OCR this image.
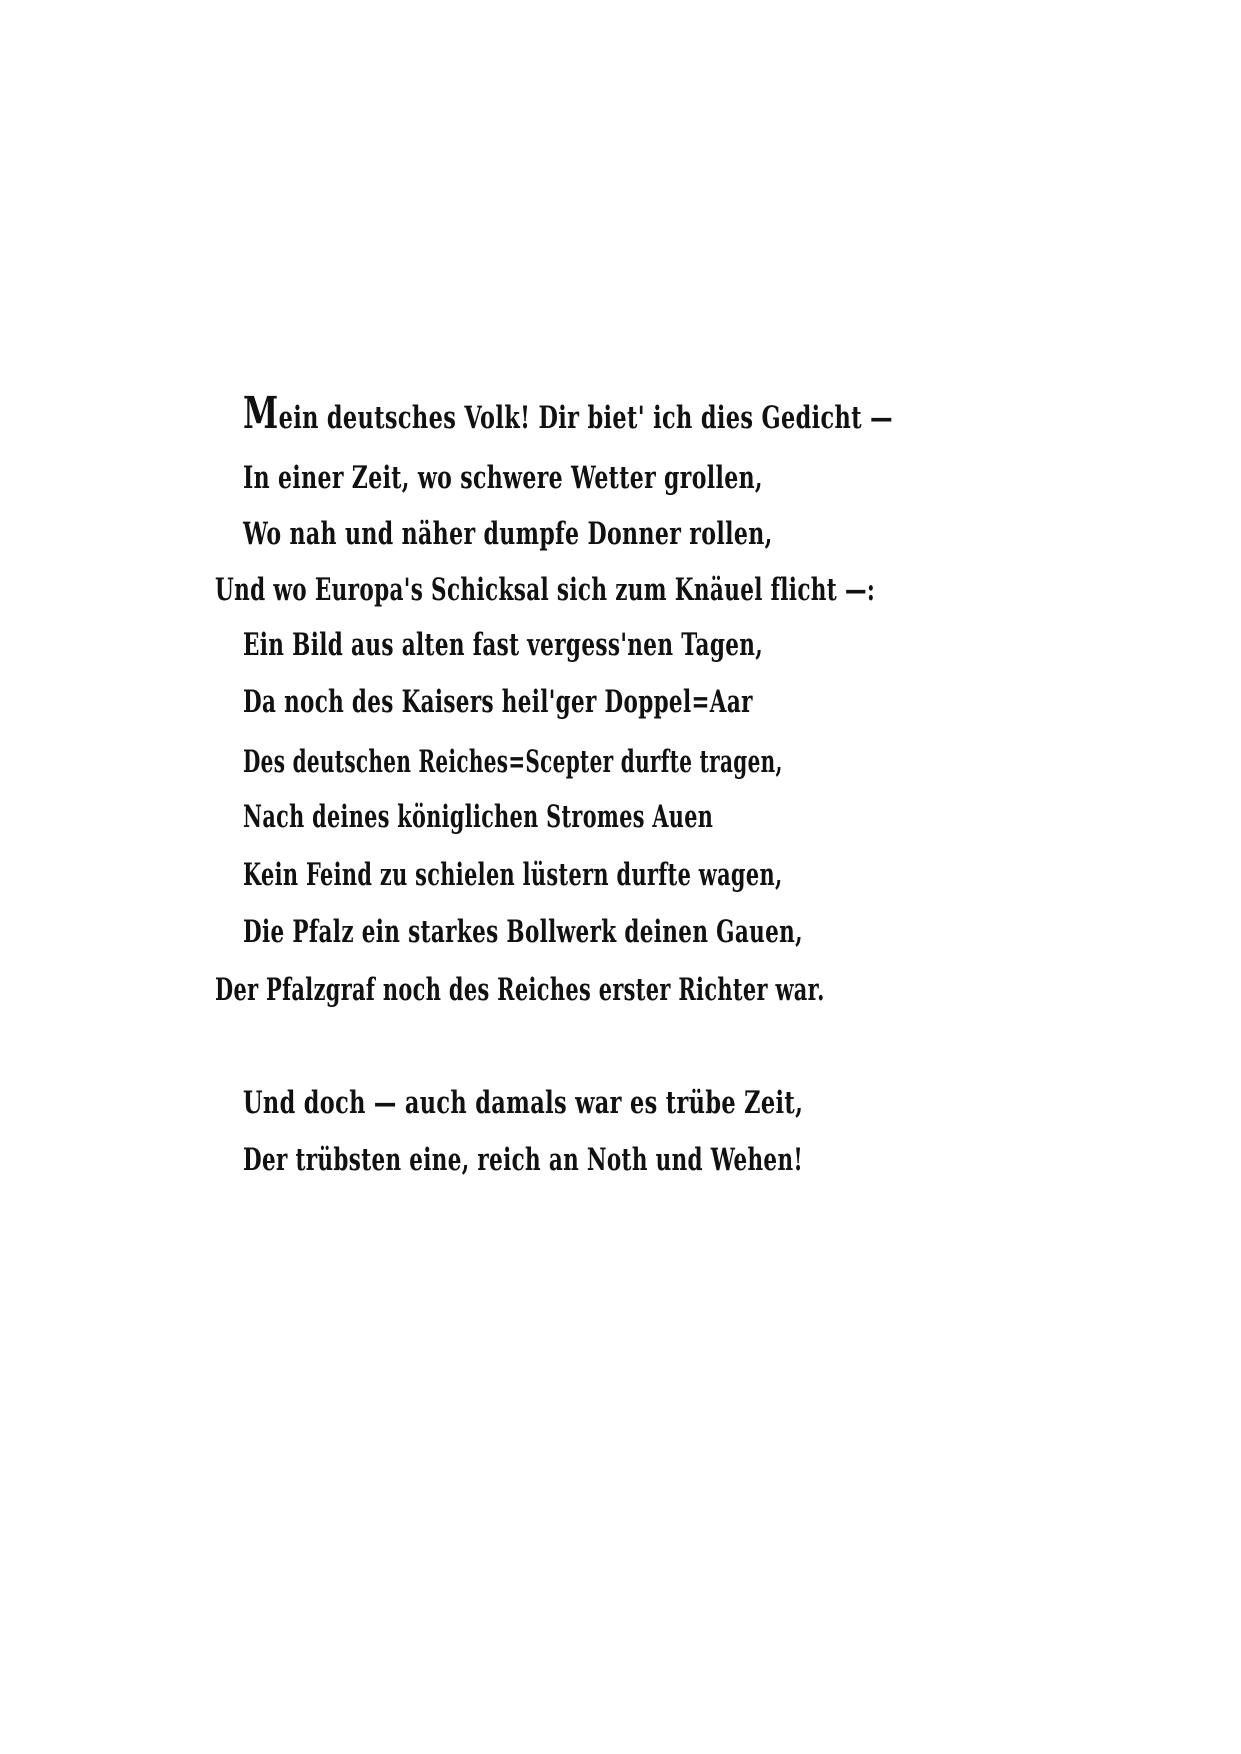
Mein deutsches Volk! Dir biet' ich dies Gedicht —
In einer Zeit, wo schwere Wetter grollen,
Wo nah und näher dumpfe Donner rollen,
Und wo Europa's Schicksal sich zum Knäuel flicht —:
Ein Bild aus alten fast vergess'nen Tagen,
Da noch des Kaisers heil'ger Doppel=Aar
Des deutschen Reiches=Scepter durfte tragen,
Nach deines königlichen Stromes Auen
Kein Feind zu schielen lüstern durfte wagen,
Die Pfalz ein starkes Bollwerk deinen Gauen,
Der Pfalzgraf noch des Reiches erster Richter war.
Und doch — auch damals war es trübe Zeit,
Der trübsten eine, reich an Noth und Wehen!
